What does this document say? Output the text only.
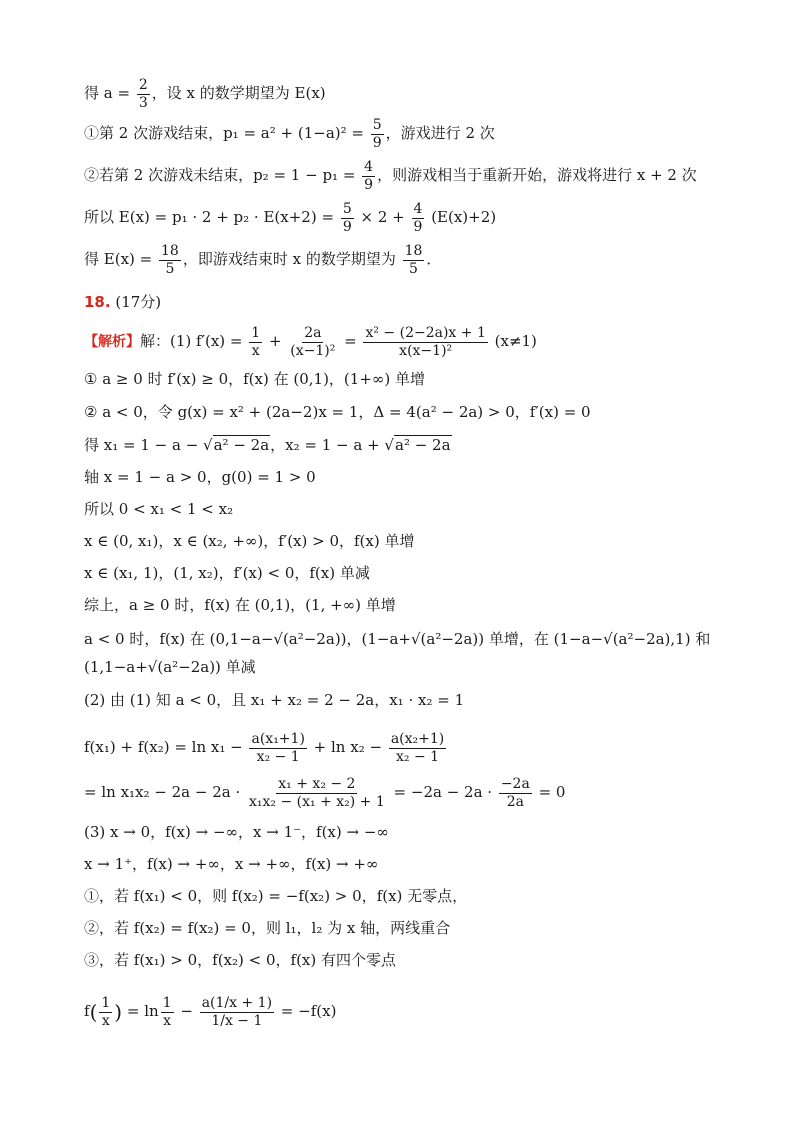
得 $a = \frac{2}{3}$ ，设 x 的数学期望为 E(x)
①第 2 次游戏结束，$p_1 = a^2 + (1-a)^2 = \frac{5}{9}$ ，游戏进行 2 次
②若第 2 次游戏未结束，$p_2 = 1 - p_1 = \frac{4}{9}$ ，则游戏相当于重新开始，游戏将进行 x + 2 次
所以 $E(x) = p_1 \cdot 2 + p_2 \cdot E(x+2) = \frac{5}{9} \times 2 + \frac{4}{9} (E(x)+2)$
得 $E(x) = \frac{18}{5}$ ，即游戏结束时 x 的数学期望为 $\frac{18}{5}$ ．
18. (17分)
【解析】解：(1) $f'(x) = \frac{1}{x} + \frac{2a}{\text{(x−1)²}} = \frac{\text{x² − (2−2a)x + 1}}{\text{x(x−1)²}} (x\ne 1)$
① a ≥ 0 时 f′(x) ≥ 0，f(x) 在 (0,1)，(1+∞) 单增
② a < 0，令 g(x) = x² + (2a−2)x = 1，Δ = 4(a² − 2a) > 0，f′(x) = 0
得 x₁ = 1 − a − √a² − 2a，x₂ = 1 − a + √a² − 2a
轴 x = 1 − a > 0，g(0) = 1 > 0
所以 0 < x₁ < 1 < x₂
x ∈ (0, x₁)，x ∈ (x₂, +∞)，f′(x) > 0，f(x) 单增
x ∈ (x₁, 1)，(1, x₂)，f′(x) < 0，f(x) 单减
综上，a ≥ 0 时，f(x) 在 (0,1)，(1, +∞) 单增
a < 0 时，f(x) 在 (0,1−a−√(a²−2a))，(1−a+√(a²−2a)) 单增，在 (1−a−√(a²−2a),1) 和
(1,1−a+√(a²−2a)) 单减
(2) 由 (1) 知 a < 0，且 x₁ + x₂ = 2 − 2a，x₁ · x₂ = 1
$f(x_1) + f(x_2) = \ln x_1 - \frac{\text{a(x₁+1)}}{\text{x₂ − 1}} + \ln x_2 - \frac{\text{a(x₂+1)}}{\text{x₂ − 1}}$
= $\ln x_1x_2 - 2a - 2a \cdot \frac{\text{x₁ + x₂ − 2}}{\text{x₁x₂ − (x₁ + x₂) + 1}} = -2a - 2a \cdot \frac{-2a}{2a} = 0$
(3) x → 0，f(x) → −∞，x → 1⁻，f(x) → −∞
x → 1⁺，f(x) → +∞，x → +∞，f(x) → +∞
①，若 f(x₁) < 0，则 f(x₂) = −f(x₂) > 0，f(x) 无零点，
②，若 f(x₂) = f(x₂) = 0，则 l₁，l₂ 为 x 轴，两线重合
③，若 f(x₁) > 0，f(x₂) < 0，f(x) 有四个零点
$f( \frac{1}{x}$ ) = $\ln \frac{1}{x} - \frac{a(1/x + 1)}{1/x - 1} = -f(x)$
